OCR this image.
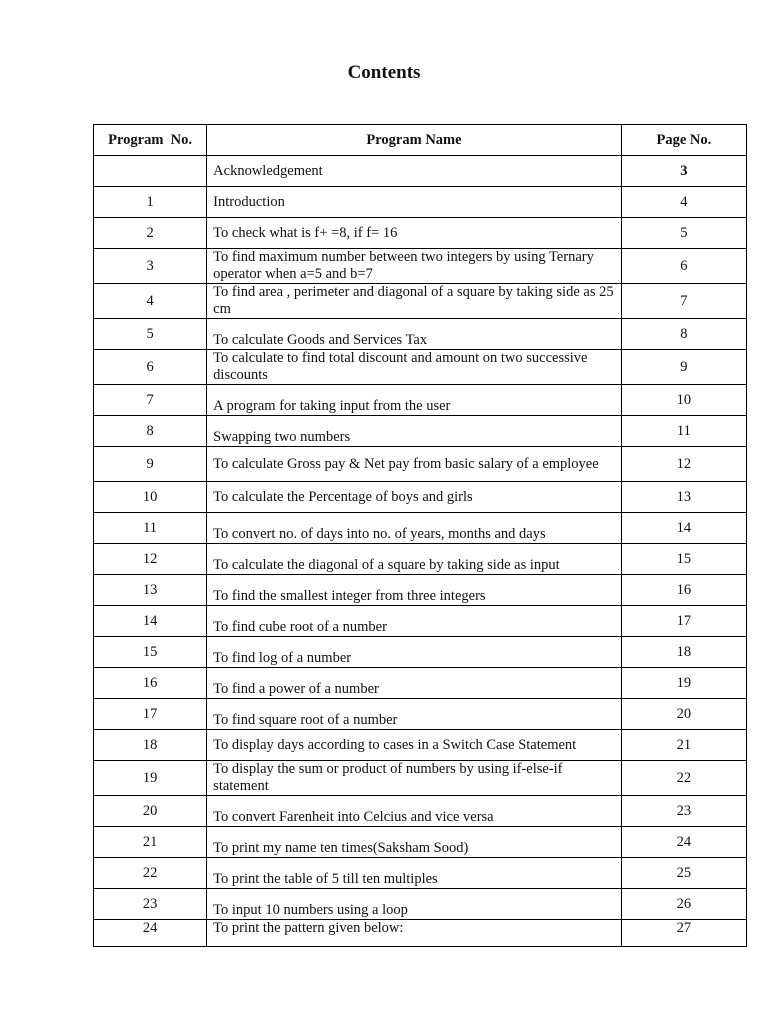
Contents
Program  No.	Program Name	Page No.
	Acknowledgement	3
1	Introduction	4
2	To check what is f+ =8, if f= 16	5
3	To find maximum number between two integers by using Ternary operator when a=5 and b=7	6
4	To find area , perimeter and diagonal of a square by taking side as 25 cm	7
5	To calculate Goods and Services Tax	8
6	To calculate to find total discount and amount on two successive discounts	9
7	A program for taking input from the user	10
8	Swapping two numbers	11
9	To calculate Gross pay & Net pay from basic salary of a employee	12
10	To calculate the Percentage of boys and girls	13
11	To convert no. of days into no. of years, months and days	14
12	To calculate the diagonal of a square by taking side as input	15
13	To find the smallest integer from three integers	16
14	To find cube root of a number	17
15	To find log of a number	18
16	To find a power of a number	19
17	To find square root of a number	20
18	To display days according to cases in a Switch Case Statement	21
19	To display the sum or product of numbers by using if-else-if statement	22
20	To convert Farenheit into Celcius and vice versa	23
21	To print my name ten times(Saksham Sood)	24
22	To print the table of 5 till ten multiples	25
23	To input 10 numbers using a loop	26
24	To print the pattern given below:	27
